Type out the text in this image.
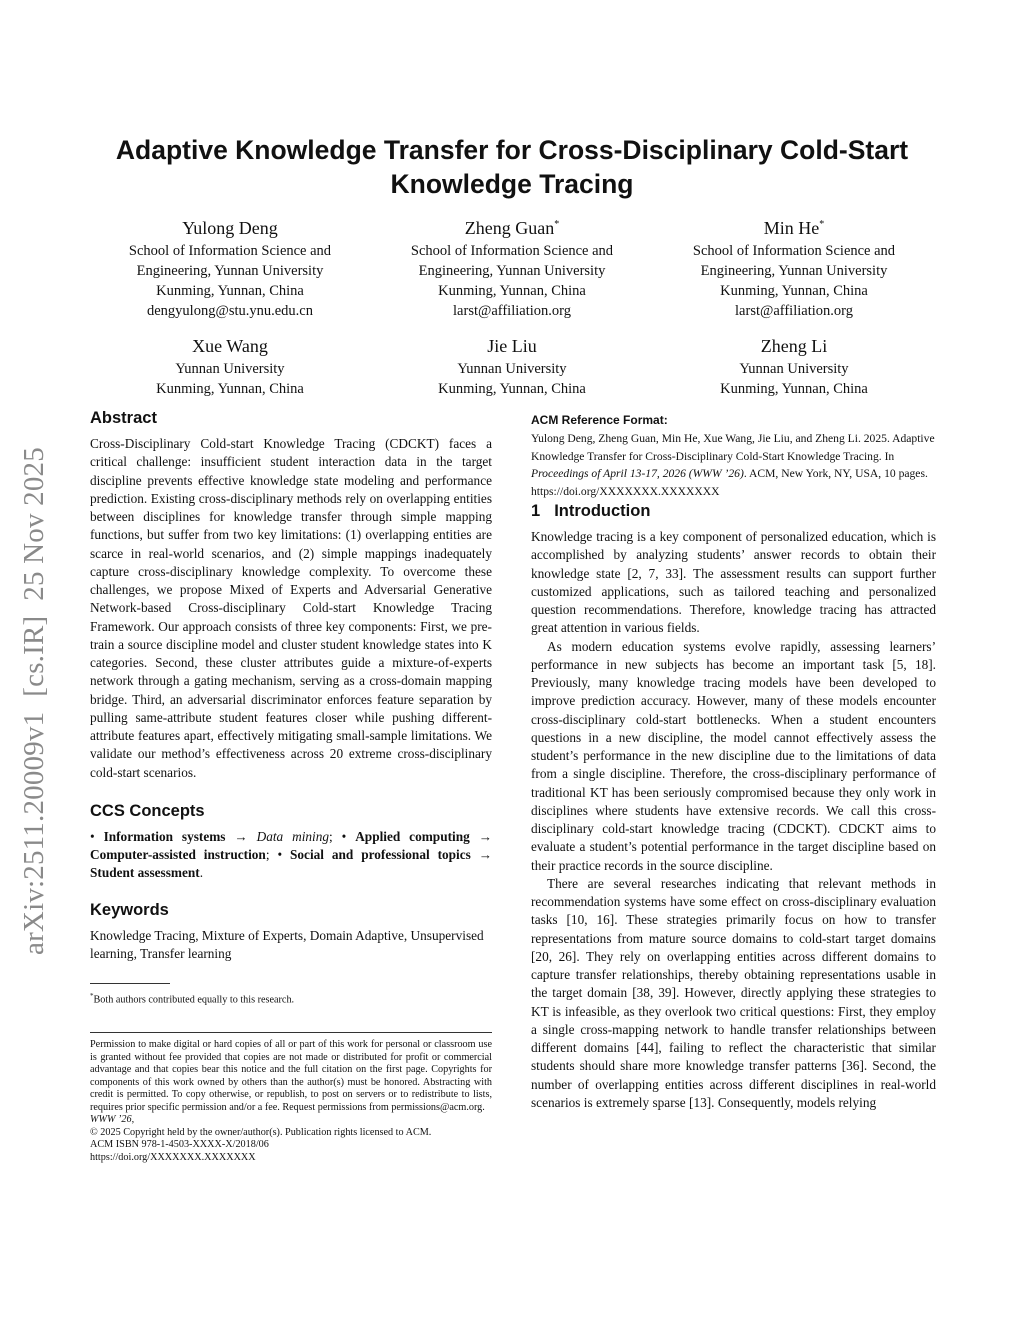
arXiv:2511.20009v1  [cs.IR]  25 Nov 2025
Adaptive Knowledge Transfer for Cross-Disciplinary Cold-Start Knowledge Tracing
Yulong Deng
School of Information Science and
Engineering, Yunnan University
Kunming, Yunnan, China
dengyulong@stu.ynu.edu.cn
Zheng Guan*
School of Information Science and
Engineering, Yunnan University
Kunming, Yunnan, China
larst@affiliation.org
Min He*
School of Information Science and
Engineering, Yunnan University
Kunming, Yunnan, China
larst@affiliation.org
Xue Wang
Yunnan University
Kunming, Yunnan, China
Jie Liu
Yunnan University
Kunming, Yunnan, China
Zheng Li
Yunnan University
Kunming, Yunnan, China
Abstract

Cross-Disciplinary Cold-start Knowledge Tracing (CDCKT) faces a critical challenge: insufficient student interaction data in the target discipline prevents effective knowledge state modeling and performance prediction. Existing cross-disciplinary methods rely on overlapping entities between disciplines for knowledge transfer through simple mapping functions, but suffer from two key limitations: (1) overlapping entities are scarce in real-world scenarios, and (2) simple mappings inadequately capture cross-disciplinary knowledge complexity. To overcome these challenges, we propose Mixed of Experts and Adversarial Generative Network-based Cross-disciplinary Cold-start Knowledge Tracing Framework. Our approach consists of three key components: First, we pre-train a source discipline model and cluster student knowledge states into K categories. Second, these cluster attributes guide a mixture-of-experts network through a gating mechanism, serving as a cross-domain mapping bridge. Third, an adversarial discriminator enforces feature separation by pulling same-attribute student features closer while pushing different-attribute features apart, effectively mitigating small-sample limitations. We validate our method’s effectiveness across 20 extreme cross-disciplinary cold-start scenarios.

CCS Concepts

• Information systems → Data mining; • Applied computing → Computer-assisted instruction; • Social and professional topics → Student assessment.

Keywords

Knowledge Tracing, Mixture of Experts, Domain Adaptive, Unsupervised learning, Transfer learning

*Both authors contributed equally to this research.

Permission to make digital or hard copies of all or part of this work for personal or classroom use is granted without fee provided that copies are not made or distributed for profit or commercial advantage and that copies bear this notice and the full citation on the first page. Copyrights for components of this work owned by others than the author(s) must be honored. Abstracting with credit is permitted. To copy otherwise, or republish, to post on servers or to redistribute to lists, requires prior specific permission and/or a fee. Request permissions from permissions@acm.org.

WWW ’26,

© 2025 Copyright held by the owner/author(s). Publication rights licensed to ACM.

ACM ISBN 978-1-4503-XXXX-X/2018/06

https://doi.org/XXXXXXX.XXXXXXX

ACM Reference Format:

Yulong Deng, Zheng Guan, Min He, Xue Wang, Jie Liu, and Zheng Li. 2025. Adaptive Knowledge Transfer for Cross-Disciplinary Cold-Start Knowledge Tracing. In Proceedings of April 13-17, 2026 (WWW ’26). ACM, New York, NY, USA, 10 pages. https://doi.org/XXXXXXX.XXXXXXX

1 Introduction

Knowledge tracing is a key component of personalized education, which is accomplished by analyzing students’ answer records to obtain their knowledge state [2, 7, 33]. The assessment results can support further customized applications, such as tailored teaching and personalized question recommendations. Therefore, knowledge tracing has attracted great attention in various fields.

As modern education systems evolve rapidly, assessing learners’ performance in new subjects has become an important task [5, 18]. Previously, many knowledge tracing models have been developed to improve prediction accuracy. However, many of these models encounter cross-disciplinary cold-start bottlenecks. When a student encounters questions in a new discipline, the model cannot effectively assess the student’s performance in the new discipline due to the limitations of data from a single discipline. Therefore, the cross-disciplinary performance of traditional KT has been seriously compromised because they only work in disciplines where students have extensive records. We call this cross-disciplinary cold-start knowledge tracing (CDCKT). CDCKT aims to evaluate a student’s potential performance in the target discipline based on their practice records in the source discipline.

There are several researches indicating that relevant methods in recommendation systems have some effect on cross-disciplinary evaluation tasks [10, 16]. These strategies primarily focus on how to transfer representations from mature source domains to cold-start target domains [20, 26]. They rely on overlapping entities across different domains to capture transfer relationships, thereby obtaining representations usable in the target domain [38, 39]. However, directly applying these strategies to KT is infeasible, as they overlook two critical questions: First, they employ a single cross-mapping network to handle transfer relationships between different domains [44], failing to reflect the characteristic that similar students should share more knowledge transfer patterns [36]. Second, the number of overlapping entities across different disciplines in real-world scenarios is extremely sparse [13]. Consequently, models relying
